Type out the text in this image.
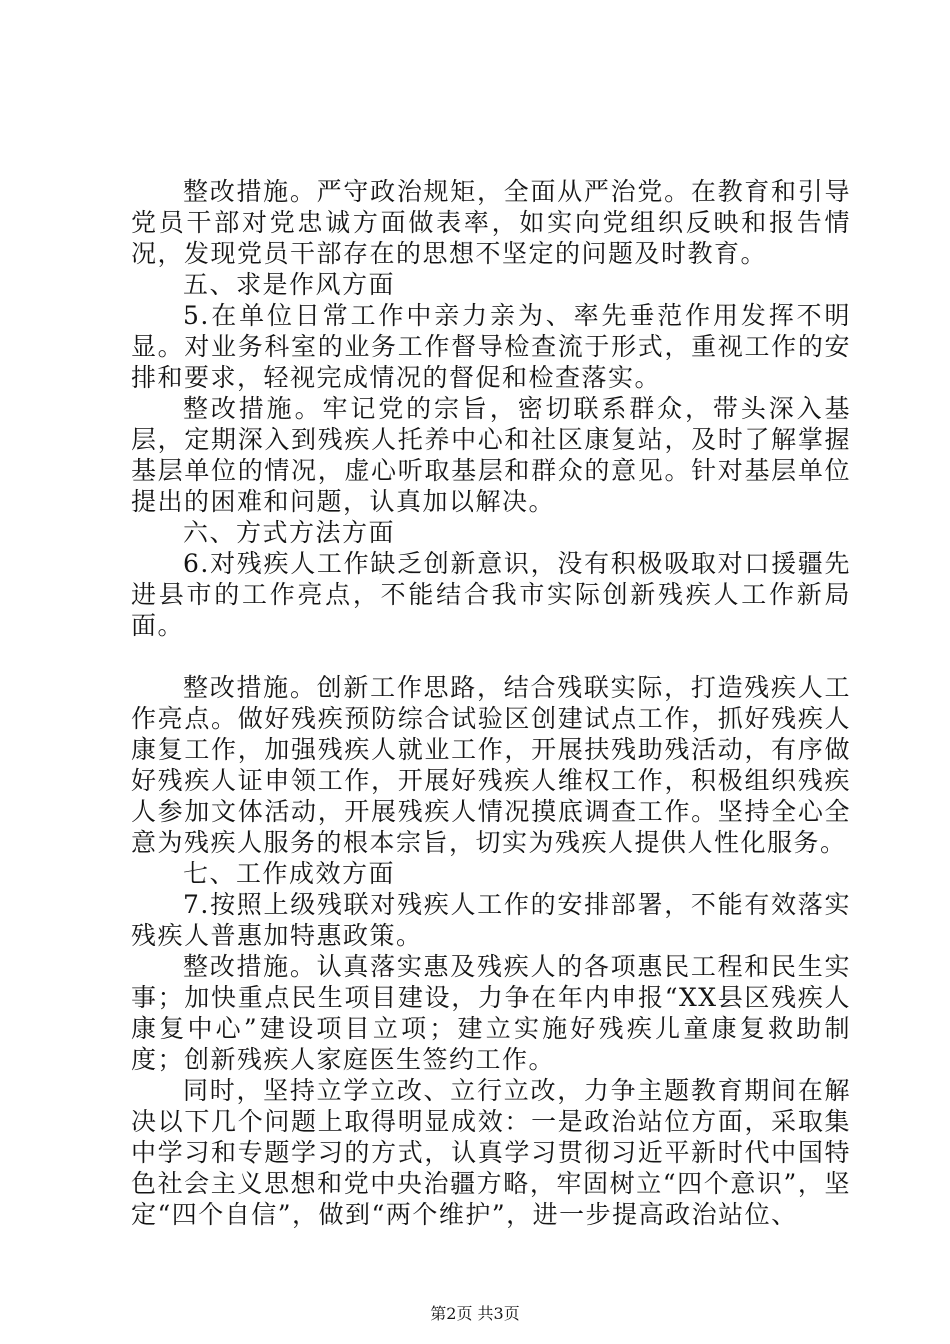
整改措施。严守政治规矩，全面从严治党。在教育和引导党员干部对党忠诚方面做表率，如实向党组织反映和报告情况，发现党员干部存在的思想不坚定的问题及时教育。

五、求是作风方面

5.在单位日常工作中亲力亲为、率先垂范作用发挥不明显。对业务科室的业务工作督导检查流于形式，重视工作的安排和要求，轻视完成情况的督促和检查落实。

整改措施。牢记党的宗旨，密切联系群众，带头深入基层，定期深入到残疾人托养中心和社区康复站，及时了解掌握基层单位的情况，虚心听取基层和群众的意见。针对基层单位提出的困难和问题，认真加以解决。

六、方式方法方面

6.对残疾人工作缺乏创新意识，没有积极吸取对口援疆先进县市的工作亮点，不能结合我市实际创新残疾人工作新局面。

整改措施。创新工作思路，结合残联实际，打造残疾人工作亮点。做好残疾预防综合试验区创建试点工作，抓好残疾人康复工作，加强残疾人就业工作，开展扶残助残活动，有序做好残疾人证申领工作，开展好残疾人维权工作，积极组织残疾人参加文体活动，开展残疾人情况摸底调查工作。坚持全心全意为残疾人服务的根本宗旨，切实为残疾人提供人性化服务。

七、工作成效方面

7.按照上级残联对残疾人工作的安排部署，不能有效落实残疾人普惠加特惠政策。

整改措施。认真落实惠及残疾人的各项惠民工程和民生实事；加快重点民生项目建设，力争在年内申报“XX县区残疾人康复中心”建设项目立项；建立实施好残疾儿童康复救助制度；创新残疾人家庭医生签约工作。

同时，坚持立学立改、立行立改，力争主题教育期间在解决以下几个问题上取得明显成效：一是政治站位方面，采取集中学习和专题学习的方式，认真学习贯彻习近平新时代中国特色社会主义思想和党中央治疆方略，牢固树立“四个意识”，坚定“四个自信”，做到“两个维护”，进一步提高政治站位、

第2页 共3页
